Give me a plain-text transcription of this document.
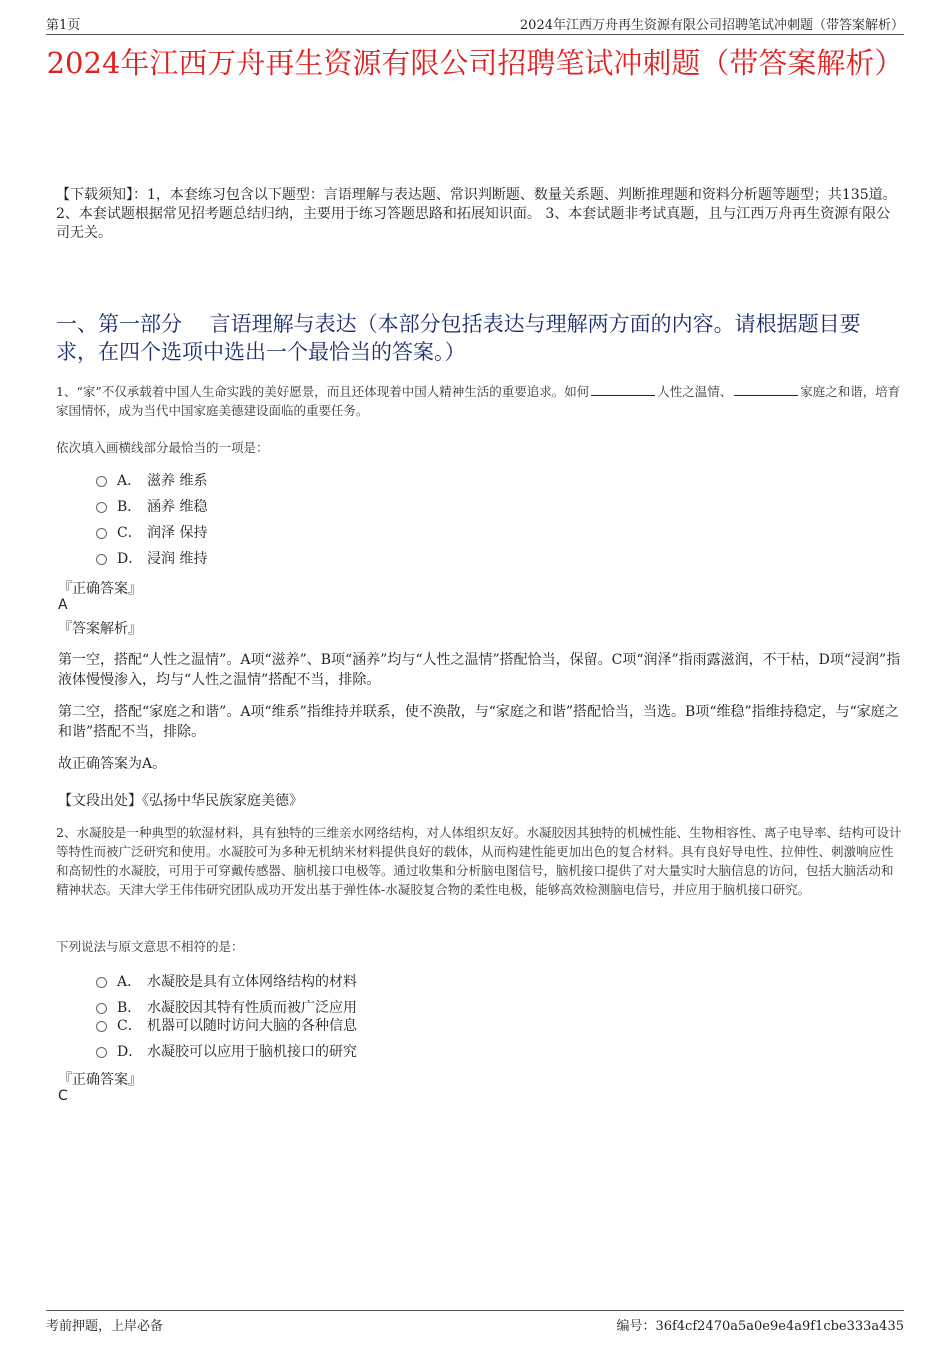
第1页	2024年江西万舟再生资源有限公司招聘笔试冲刺题（带答案解析）
2024年江西万舟再生资源有限公司招聘笔试冲刺题（带答案解析）
【下载须知】：1，本套练习包含以下题型：言语理解与表达题、常识判断题、数量关系题、判断推理题和资料分析题等题型；共135道。 2、本套试题根据常见招考题总结归纳，主要用于练习答题思路和拓展知识面。 3、本套试题非考试真题，且与江西万舟再生资源有限公司无关。
一、第一部分　 言语理解与表达（本部分包括表达与理解两方面的内容。请根据题目要求，在四个选项中选出一个最恰当的答案。）
1、“家”不仅承载着中国人生命实践的美好愿景，而且还体现着中国人精神生活的重要追求。如何	人性之温情、	家庭之和谐，培育家国情怀，成为当代中国家庭美德建设面临的重要任务。
依次填入画横线部分最恰当的一项是：
A． 滋养 维系
B． 涵养 维稳
C． 润泽 保持
D． 浸润 维持
『正确答案』
A
『答案解析』
第一空，搭配“人性之温情”。A项“滋养”、B项“涵养”均与“人性之温情”搭配恰当，保留。C项“润泽”指雨露滋润，不干枯，D项“浸润”指液体慢慢渗入，均与“人性之温情”搭配不当，排除。
第二空，搭配“家庭之和谐”。A项“维系”指维持并联系，使不涣散，与“家庭之和谐”搭配恰当，当选。B项“维稳”指维持稳定，与“家庭之和谐”搭配不当，排除。
故正确答案为A。
【文段出处】《弘扬中华民族家庭美德》
2、水凝胶是一种典型的软湿材料，具有独特的三维亲水网络结构，对人体组织友好。水凝胶因其独特的机械性能、生物相容性、离子电导率、结构可设计等特性而被广泛研究和使用。水凝胶可为多种无机纳米材料提供良好的载体，从而构建性能更加出色的复合材料。具有良好导电性、拉伸性、刺激响应性和高韧性的水凝胶，可用于可穿戴传感器、脑机接口电极等。通过收集和分析脑电图信号，脑机接口提供了对大量实时大脑信息的访问，包括大脑活动和精神状态。天津大学王伟伟研究团队成功开发出基于弹性体-水凝胶复合物的柔性电极，能够高效检测脑电信号，并应用于脑机接口研究。
下列说法与原文意思不相符的是：
A． 水凝胶是具有立体网络结构的材料
B． 水凝胶因其特有性质而被广泛应用
C． 机器可以随时访问大脑的各种信息
D． 水凝胶可以应用于脑机接口的研究
『正确答案』
C
考前押题，上岸必备	编号：36f4cf2470a5a0e9e4a9f1cbe333a435
